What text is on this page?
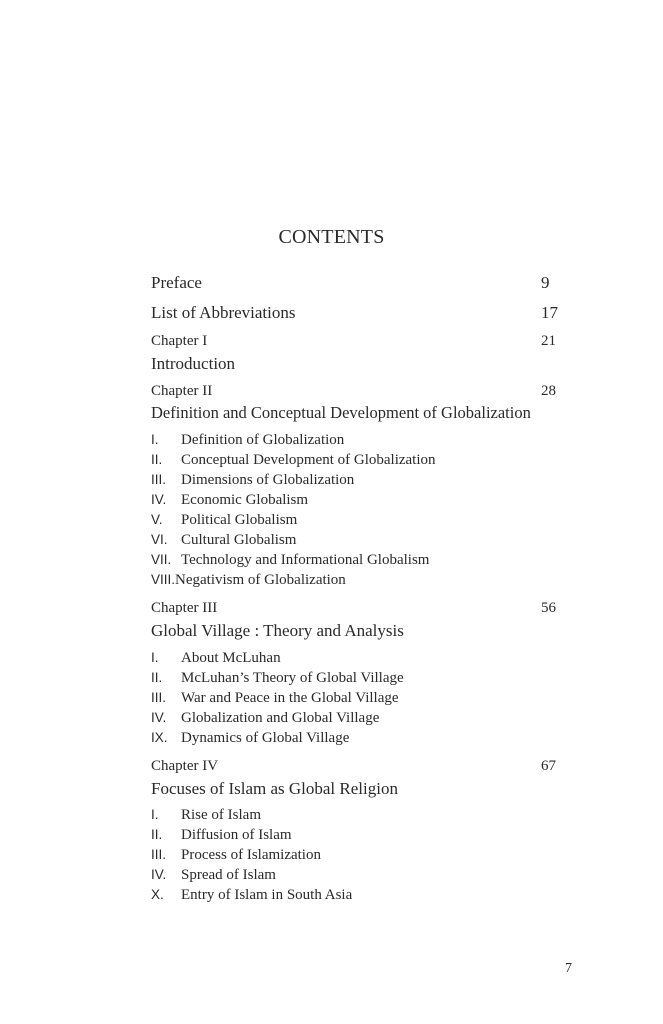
CONTENTS
Preface	9
List of Abbreviations	17
Chapter I	21
Introduction
Chapter II	28
Definition and Conceptual Development of Globalization
I. Definition of Globalization
II. Conceptual Development of Globalization
III. Dimensions of Globalization
IV. Economic Globalism
V. Political Globalism
VI. Cultural Globalism
VII. Technology and Informational Globalism
VIII.Negativism of Globalization
Chapter III	56
Global Village : Theory and Analysis
I. About McLuhan
II. McLuhan’s Theory of Global Village
III. War and Peace in the Global Village
IV. Globalization and Global Village
IX. Dynamics of Global Village
Chapter IV	67
Focuses of Islam as Global Religion
I. Rise of Islam
II. Diffusion of Islam
III. Process of Islamization
IV. Spread of Islam
X. Entry of Islam in South Asia
7
